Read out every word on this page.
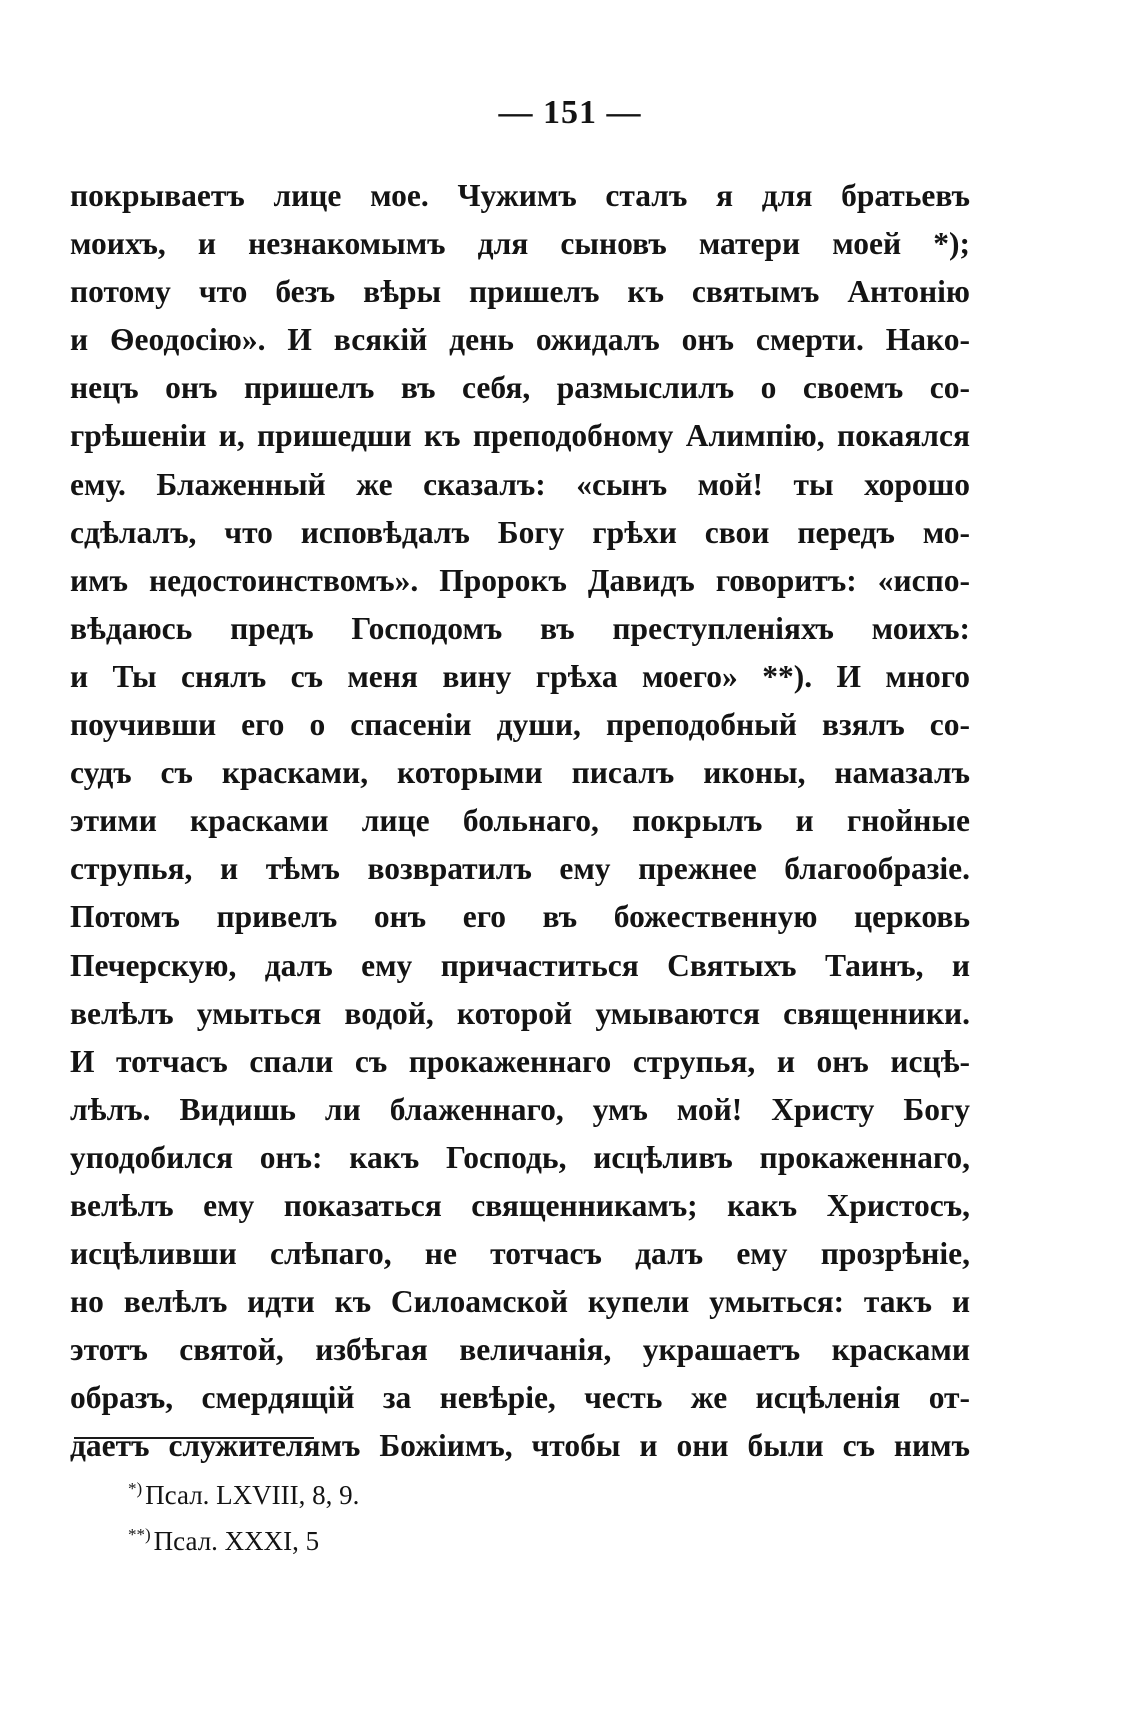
— 151 —
покрываетъ лице мое. Чужимъ сталъ я для братьевъ
моихъ, и незнакомымъ для сыновъ матери моей *);
потому что безъ вѣры пришелъ къ святымъ Антонію
и Ѳеодосію». И всякій день ожидалъ онъ смерти. Нако-
нецъ онъ пришелъ въ себя, размыслилъ о своемъ со-
грѣшеніи и, пришедши къ преподобному Алимпію, покаялся
ему. Блаженный же сказалъ: «сынъ мой! ты хорошо
сдѣлалъ, что исповѣдалъ Богу грѣхи свои передъ мо-
имъ недостоинствомъ». Пророкъ Давидъ говоритъ: «испо-
вѣдаюсь предъ Господомъ въ преступленіяхъ моихъ:
и Ты снялъ съ меня вину грѣха моего» **). И много
поучивши его о спасеніи души, преподобный взялъ со-
судъ съ красками, которыми писалъ иконы, намазалъ
этими красками лице больнаго, покрылъ и гнойные
струпья, и тѣмъ возвратилъ ему прежнее благообразіе.
Потомъ привелъ онъ его въ божественную церковь
Печерскую, далъ ему причаститься Святыхъ Таинъ, и
велѣлъ умыться водой, которой умываются священники.
И тотчасъ спали съ прокаженнаго струпья, и онъ исцѣ-
лѣлъ. Видишь ли блаженнаго, умъ мой! Христу Богу
уподобился онъ: какъ Господь, исцѣливъ прокаженнаго,
велѣлъ ему показаться священникамъ; какъ Христосъ,
исцѣливши слѣпаго, не тотчасъ далъ ему прозрѣніе,
но велѣлъ идти къ Силоамской купели умыться: такъ и
этотъ святой, избѣгая величанія, украшаетъ красками
образъ, смердящій за невѣріе, честь же исцѣленія от-
даетъ служителямъ Божіимъ, чтобы и они были съ нимъ
*) Псал. LXVIII, 8, 9.
**) Псал. XXXI, 5
